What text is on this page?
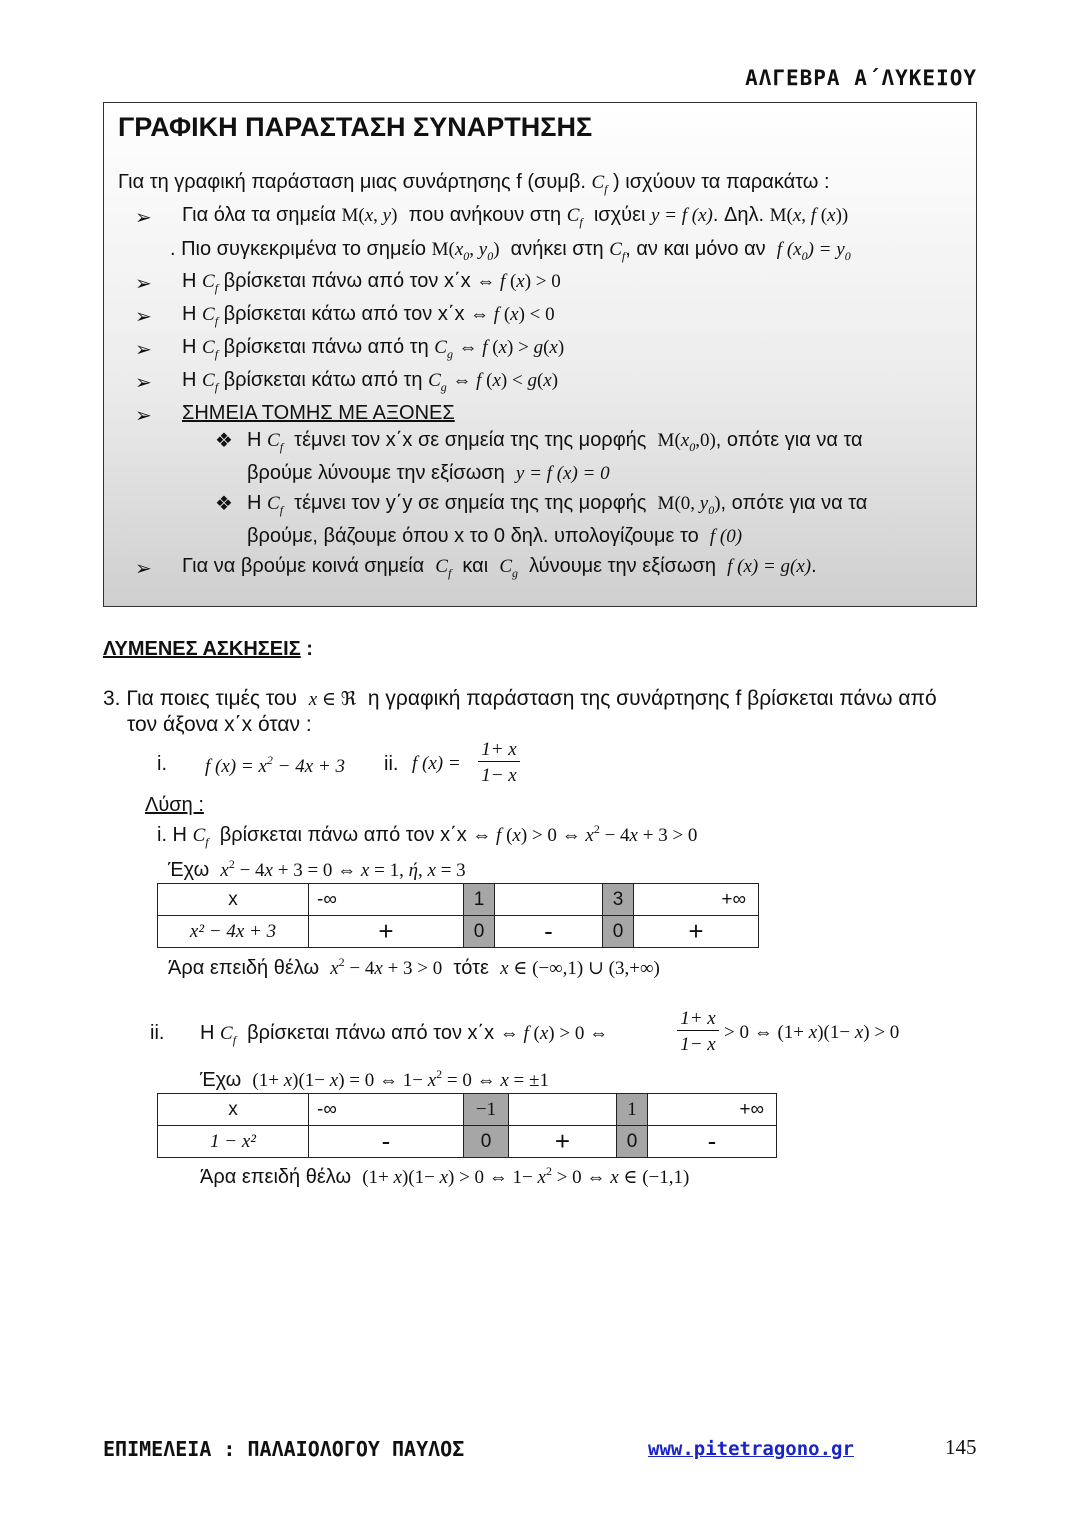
ΑΛΓΕΒΡΑ Α΄ΛΥΚΕΙΟΥ
ΓΡΑΦΙΚΗ ΠΑΡΑΣΤΑΣΗ ΣΥΝΑΡΤΗΣΗΣ
Για τη γραφική παράσταση μιας συνάρτησης f (συμβ. $C_f$ ) ισχύουν τα παρακάτω :
➢ Για όλα τα σημεία M(x, y) που ανήκουν στη $C_f$ ισχύει y = f (x). Δηλ. M(x, f (x))
. Πιο συγκεκριμένα το σημείο $M(x_0$, $y_0$) ανήκει στη $C_f$, αν και μόνο αν f $(x_0) = y_0$
➢ Η $C_f$ βρίσκεται πάνω από τον x΄x ⇔ f (x) > 0
➢ Η $C_f$ βρίσκεται κάτω από τον x΄x ⇔ f (x) < 0
➢ Η $C_f$ βρίσκεται πάνω από τη $C_g$ ⇔ f (x) > g(x)
➢ Η $C_f$ βρίσκεται κάτω από τη $C_g$ ⇔ f (x) < g(x)
➢ ΣΗΜΕΙΑ ΤΟΜΗΣ ΜΕ ΑΞΟΝΕΣ
❖ Η $C_f$ τέμνει τον x΄x σε σημεία της της μορφής $M(x_0,0)$, οπότε για να τα
βρούμε λύνουμε την εξίσωση y = f (x) = 0
❖ Η $C_f$ τέμνει τον y΄y σε σημεία της της μορφής M(0, $y_0$), οπότε για να τα
βρούμε, βάζουμε όπου x το 0 δηλ. υπολογίζουμε το f (0)
➢ Για να βρούμε κοινά σημεία $C_f$ και $C_g$ λύνουμε την εξίσωση f (x) = g(x).
ΛΥΜΕΝΕΣ ΑΣΚΗΣΕΙΣ :
3. Για ποιες τιμές του x ∈ ℜ η γραφική παράσταση της συνάρτησης f βρίσκεται πάνω από
τον άξονα x΄x όταν :
i. f $(x) = x^2 - 4x + 3$ ii. f (x) =
1+ x
1− x
Λύση :
i. Η $C_f$ βρίσκεται πάνω από τον x΄x ⇔ f (x) > 0 ⇔ $x^2 - 4x + 3 > 0$
Έχω $x^2 - 4x + 3 = 0$ ⇔ x = 1, ή, x = 3
x	-∞	1		3	+∞
x² − 4x + 3	+	0	-	0	+
Άρα επειδή θέλω $x^2 - 4x + 3 > 0$ τότε x ∈ (−∞,1) ∪ (3,+∞)
ii. Η $C_f$ βρίσκεται πάνω από τον x΄x ⇔ f (x) > 0 ⇔
1+ x
1− x
> 0 ⇔ (1+ x)(1− x) > 0
Έχω (1+ x)(1− x) = 0 ⇔ $1- x^2 = 0$ ⇔ x = ±1
x	-∞	−1		1	+∞
1 − x²	-	0	+	0	-
Άρα επειδή θέλω (1+ x)(1− x) > 0 ⇔ $1- x^2 > 0$ ⇔ x ∈ (−1,1)
ΕΠΙΜΕΛΕΙΑ : ΠΑΛΑΙΟΛΟΓΟΥ ΠΑΥΛΟΣ	www.pitetragono.gr	145
